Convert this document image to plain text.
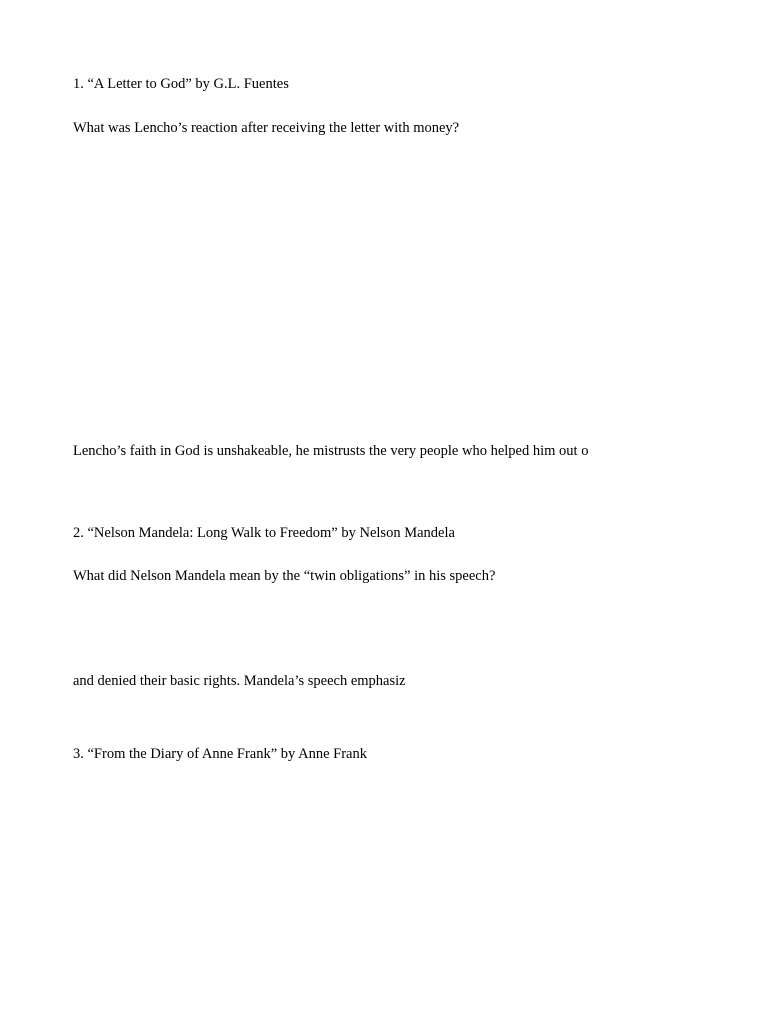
1. “A Letter to God” by G.L. Fuentes
What was Lencho’s reaction after receiving the letter with money?
Lencho’s faith in God is unshakeable, he mistrusts the very people who helped him out o
2. “Nelson Mandela: Long Walk to Freedom” by Nelson Mandela
What did Nelson Mandela mean by the “twin obligations” in his speech?
and denied their basic rights. Mandela’s speech emphasiz
3. “From the Diary of Anne Frank” by Anne Frank
